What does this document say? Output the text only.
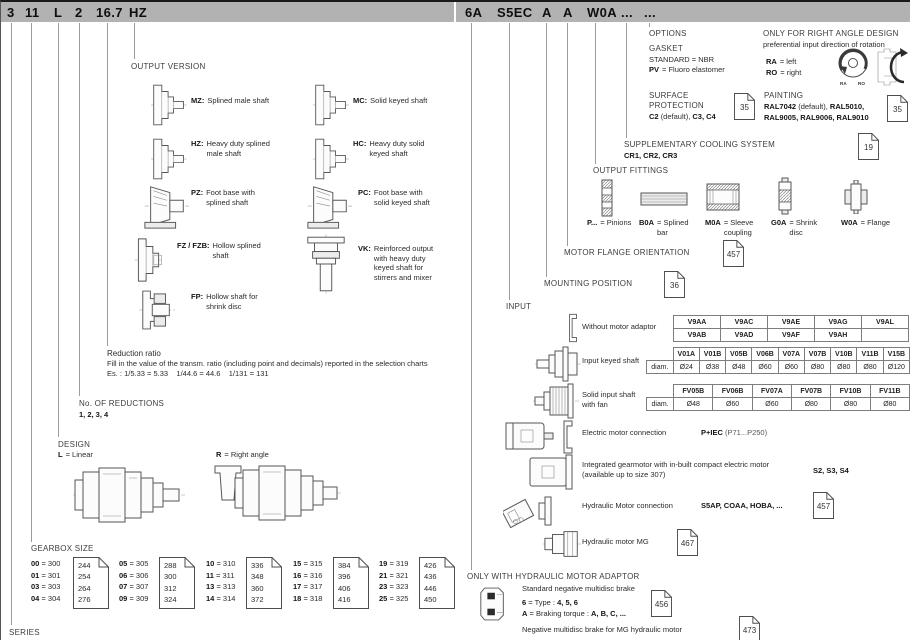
3 11 L 2 16.7 HZ	6A S5EC A A W0A ... ...
OUTPUT VERSION
MZ: Splined male shaft	MC: Solid keyed shaft
HZ: Heavy duty splined male shaft
HC: Heavy duty solid keyed shaft
PZ: Foot base with splined shaft
PC: Foot base with solid keyed shaft
FZ / FZB: Hollow splined shaft
VK: Reinforced output with heavy duty keyed shaft for stirrers and mixer
FP: Hollow shaft for shrink disc
Reduction ratio
Fill in the value of the transm. ratio (including point and decimals) reported in the selection charts
Es. : 1/5.33 = 5.33    1/44.6 = 44.6    1/131 = 131
No. OF REDUCTIONS
1, 2, 3, 4
DESIGN
L = Linear	R = Right angle
GEARBOX SIZE
00 = 300
01 = 301
03 = 303
04 = 304
244
254
264
276
05 = 305
06 = 306
07 = 307
09 = 309
288
300
312
324
10 = 310
11 = 311
13 = 313
14 = 314
336
348
360
372
15 = 315
16 = 316
17 = 317
18 = 318
384
396
406
416
19 = 319
21 = 321
23 = 323
25 = 325
426
436
446
450
SERIES
OPTIONS
GASKET
STANDARD = NBR
PV = Fluoro elastomer
ONLY FOR RIGHT ANGLE DESIGN
preferential input direction of rotation
RA = left
RO = right
RA RO
SURFACE
PROTECTION
C2 (default), C3, C4
35
PAINTING
RAL7042 (default), RAL5010,
RAL9005, RAL9006, RAL9010
35
SUPPLEMENTARY COOLING SYSTEM
CR1, CR2, CR3
19
OUTPUT FITTINGS
P... = Pinions B0A = Splined bar
M0A = Sleeve coupling
G0A = Shrink disc
W0A = Flange
MOTOR FLANGE ORIENTATION	457
MOUNTING POSITION	36
INPUT
Without motor adaptor	V9AA	V9AC	V9AE	V9AG	V9AL
V9AB	V9AD	V9AF	V9AH	
Input keyed shaft
	V01A	V01B	V05B	V06B	V07A	V07B	V10B	V11B	V15B
diam.	Ø24	Ø38	Ø48	Ø60	Ø60	Ø80	Ø80	Ø80	Ø120
Solid input shaft
with fan
	FV05B	FV06B	FV07A	FV07B	FV10B	FV11B
diam.	Ø48	Ø60	Ø60	Ø80	Ø80	Ø80
Electric motor connection	P+IEC (P71...P250)
Integrated gearmotor with in-built compact electric motor
(available up to size 307)	S2, S3, S4
Hydraulic Motor connection	S5AP, COAA, HOBA, ...	457
Hydraulic motor MG	467
ONLY WITH HYDRAULIC MOTOR ADAPTOR
Standard negative multidisc brake
6 = Type : 4, 5, 6
A = Braking torque : A, B, C, ...
456
Negative multidisc brake for MG hydraulic motor	473
